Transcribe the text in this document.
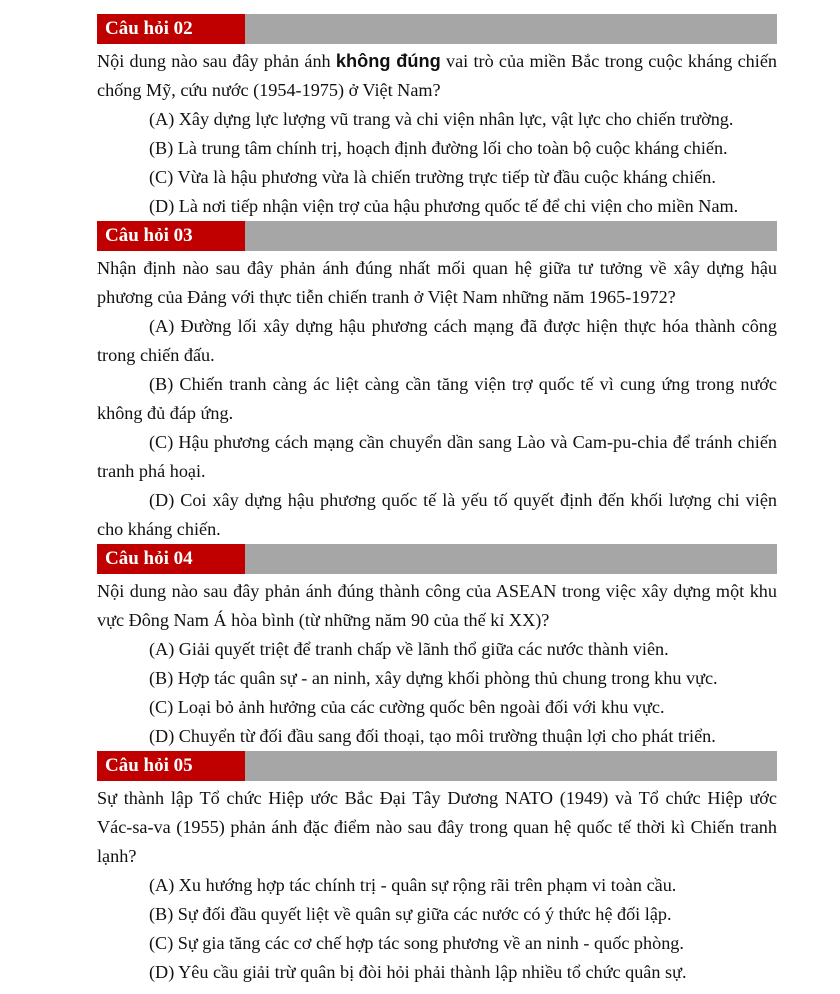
Câu hỏi 02

Nội dung nào sau đây phản ánh không đúng vai trò của miền Bắc trong cuộc kháng chiến chống Mỹ, cứu nước (1954-1975) ở Việt Nam?

(A) Xây dựng lực lượng vũ trang và chi viện nhân lực, vật lực cho chiến trường.

(B) Là trung tâm chính trị, hoạch định đường lối cho toàn bộ cuộc kháng chiến.

(C) Vừa là hậu phương vừa là chiến trường trực tiếp từ đầu cuộc kháng chiến.

(D) Là nơi tiếp nhận viện trợ của hậu phương quốc tế để chi viện cho miền Nam.

Câu hỏi 03

Nhận định nào sau đây phản ánh đúng nhất mối quan hệ giữa tư tưởng về xây dựng hậu phương của Đảng với thực tiễn chiến tranh ở Việt Nam những năm 1965-1972?

(A) Đường lối xây dựng hậu phương cách mạng đã được hiện thực hóa thành công trong chiến đấu.

(B) Chiến tranh càng ác liệt càng cần tăng viện trợ quốc tế vì cung ứng trong nước không đủ đáp ứng.

(C) Hậu phương cách mạng cần chuyển dần sang Lào và Cam-pu-chia để tránh chiến tranh phá hoại.

(D) Coi xây dựng hậu phương quốc tế là yếu tố quyết định đến khối lượng chi viện cho kháng chiến.

Câu hỏi 04

Nội dung nào sau đây phản ánh đúng thành công của ASEAN trong việc xây dựng một khu vực Đông Nam Á hòa bình (từ những năm 90 của thế kỉ XX)?

(A) Giải quyết triệt để tranh chấp về lãnh thổ giữa các nước thành viên.

(B) Hợp tác quân sự - an ninh, xây dựng khối phòng thủ chung trong khu vực.

(C) Loại bỏ ảnh hưởng của các cường quốc bên ngoài đối với khu vực.

(D) Chuyển từ đối đầu sang đối thoại, tạo môi trường thuận lợi cho phát triển.

Câu hỏi 05

Sự thành lập Tổ chức Hiệp ước Bắc Đại Tây Dương NATO (1949) và Tổ chức Hiệp ước Vác-sa-va (1955) phản ánh đặc điểm nào sau đây trong quan hệ quốc tế thời kì Chiến tranh lạnh?

(A) Xu hướng hợp tác chính trị - quân sự rộng rãi trên phạm vi toàn cầu.

(B) Sự đối đầu quyết liệt về quân sự giữa các nước có ý thức hệ đối lập.

(C) Sự gia tăng các cơ chế hợp tác song phương về an ninh - quốc phòng.

(D) Yêu cầu giải trừ quân bị đòi hỏi phải thành lập nhiều tổ chức quân sự.
